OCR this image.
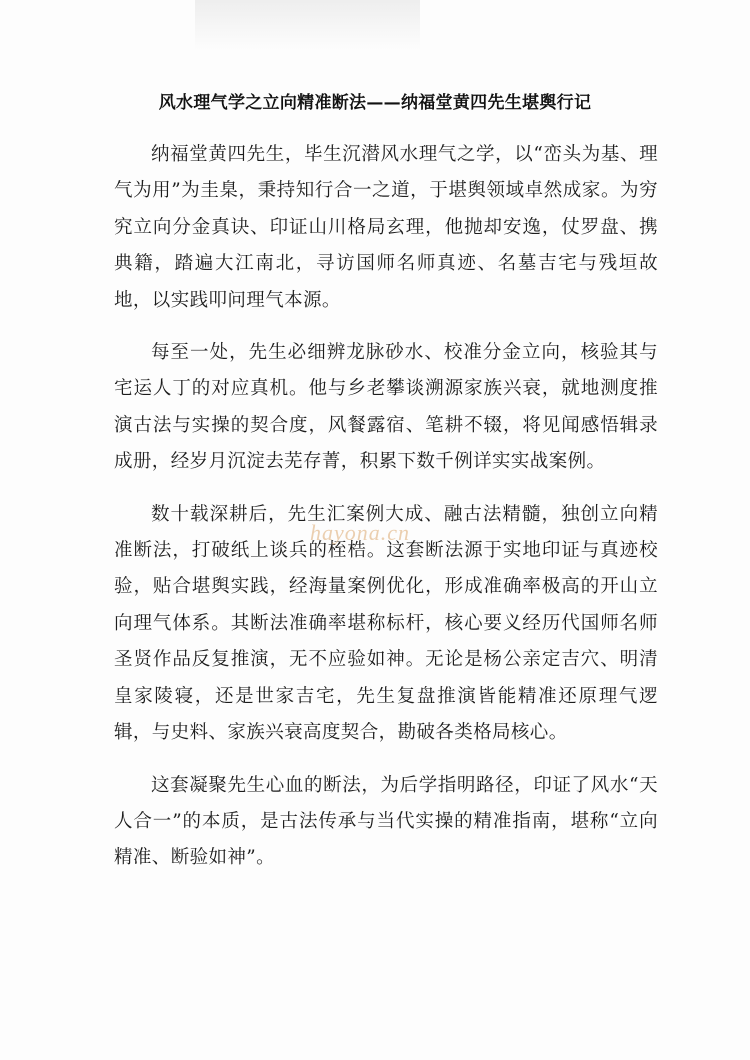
风水理气学之立向精准断法——纳福堂黄四先生堪舆行记

纳福堂黄四先生，毕生沉潜风水理气之学，以“峦头为基、理气为用”为圭臬，秉持知行合一之道，于堪舆领域卓然成家。为穷究立向分金真诀、印证山川格局玄理，他抛却安逸，仗罗盘、携典籍，踏遍大江南北，寻访国师名师真迹、名墓吉宅与残垣故地，以实践叩问理气本源。

每至一处，先生必细辨龙脉砂水、校准分金立向，核验其与宅运人丁的对应真机。他与乡老攀谈溯源家族兴衰，就地测度推演古法与实操的契合度，风餐露宿、笔耕不辍，将见闻感悟辑录成册，经岁月沉淀去芜存菁，积累下数千例详实实战案例。

数十载深耕后，先生汇案例大成、融古法精髓，独创立向精准断法，打破纸上谈兵的桎梏。这套断法源于实地印证与真迹校验，贴合堪舆实践，经海量案例优化，形成准确率极高的开山立向理气体系。其断法准确率堪称标杆，核心要义经历代国师名师圣贤作品反复推演，无不应验如神。无论是杨公亲定吉穴、明清皇家陵寝，还是世家吉宅，先生复盘推演皆能精准还原理气逻辑，与史料、家族兴衰高度契合，勘破各类格局核心。

这套凝聚先生心血的断法，为后学指明路径，印证了风水“天人合一”的本质，是古法传承与当代实操的精准指南，堪称“立向精准、断验如神”。

hayona.cn
